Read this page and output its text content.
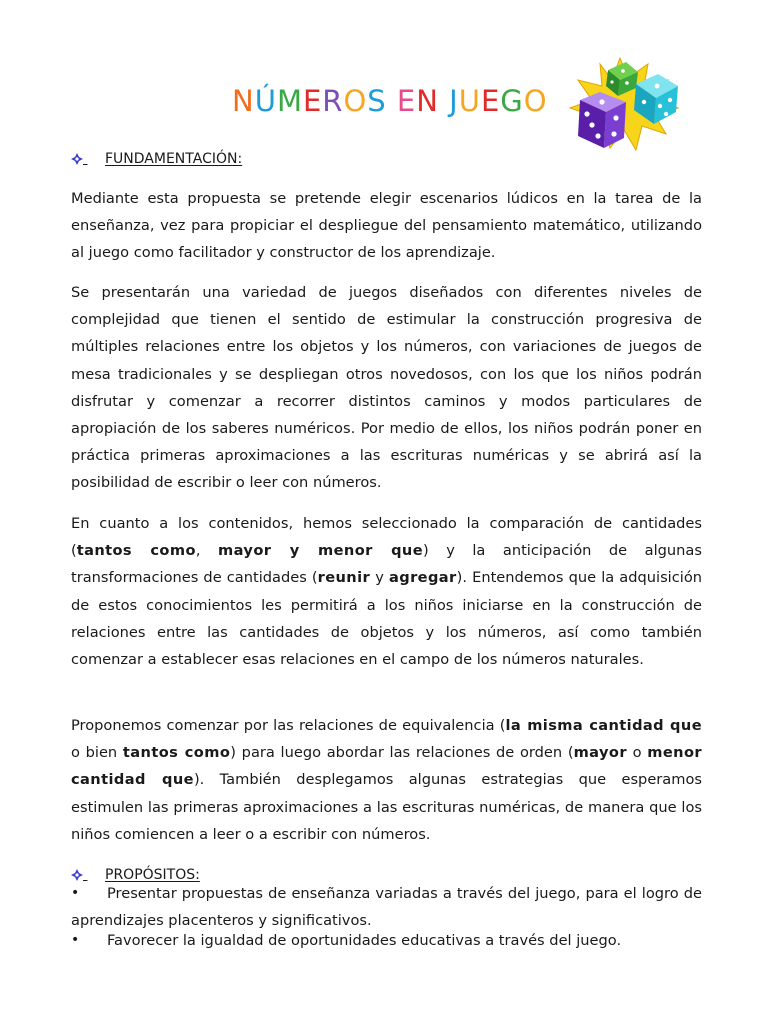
NÚMEROS EN JUEGO

FUNDAMENTACIÓN:

Mediante esta propuesta se pretende elegir escenarios lúdicos en la tarea de la enseñanza, vez para propiciar el despliegue del pensamiento matemático, utilizando al juego como facilitador y constructor de los aprendizaje.

Se presentarán una variedad de juegos diseñados con diferentes niveles de complejidad que tienen el sentido de estimular la construcción progresiva de múltiples relaciones entre los objetos y los números, con variaciones de juegos de mesa tradicionales y se despliegan otros novedosos, con los que los niños podrán disfrutar y comenzar a recorrer distintos caminos y modos particulares de apropiación de los saberes numéricos. Por medio de ellos, los niños podrán poner en práctica primeras aproximaciones a las escrituras numéricas y se abrirá así la posibilidad de escribir o leer con números.

En cuanto a los contenidos, hemos seleccionado la comparación de cantidades (tantos como, mayor y menor que) y la anticipación de algunas transformaciones de cantidades (reunir y agregar). Entendemos que la adquisición de estos conocimientos les permitirá a los niños iniciarse en la construcción de relaciones entre las cantidades de objetos y los números, así como también comenzar a establecer esas relaciones en el campo de los números naturales.

Proponemos comenzar por las relaciones de equivalencia (la misma cantidad que o bien tantos como) para luego abordar las relaciones de orden (mayor o menor cantidad que). También desplegamos algunas estrategias que esperamos estimulen las primeras aproximaciones a las escrituras numéricas, de manera que los niños comiencen a leer o a escribir con números.

PROPÓSITOS:
•	Presentar propuestas de enseñanza variadas a través del juego, para el logro de aprendizajes placenteros y significativos.
•	Favorecer la igualdad de oportunidades educativas a través del juego.
